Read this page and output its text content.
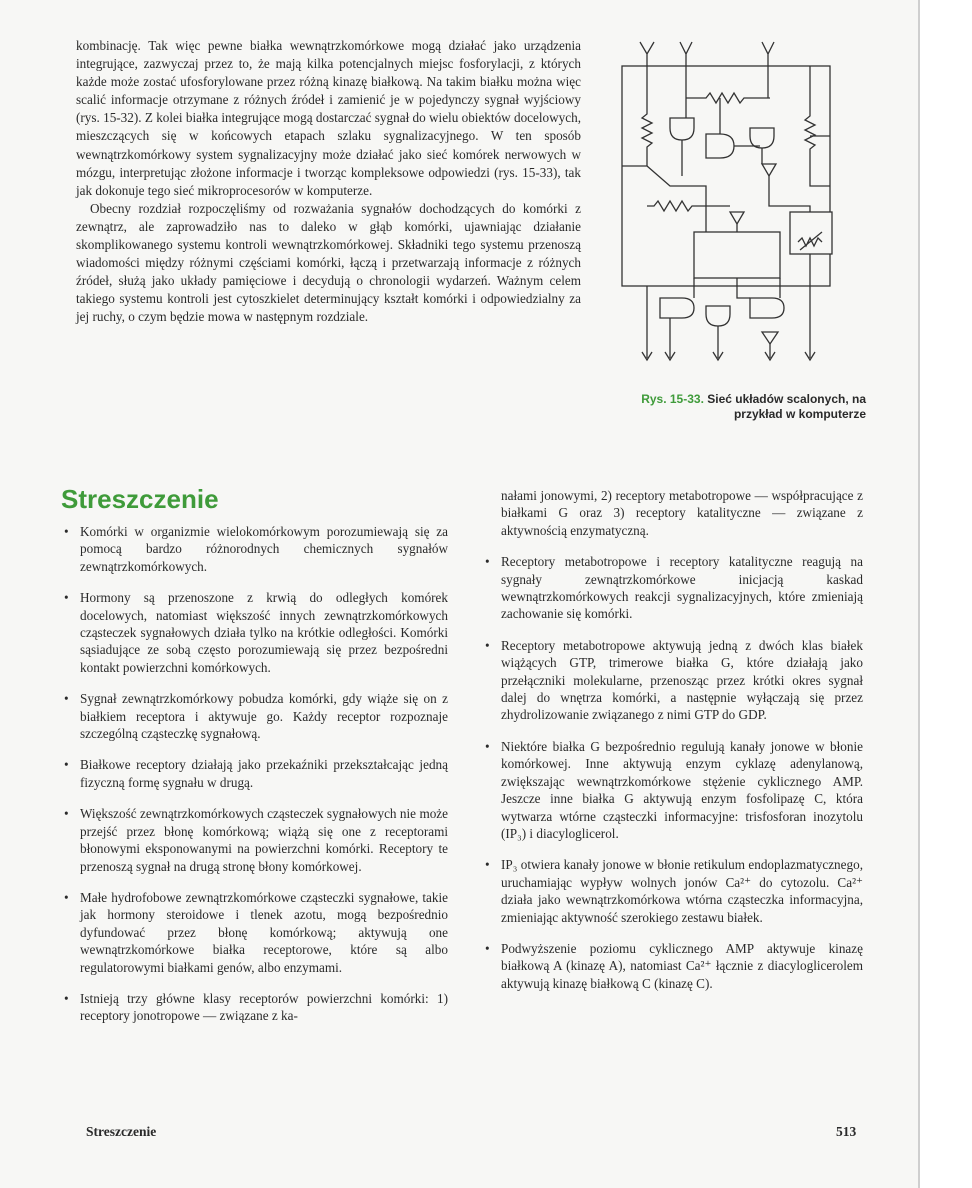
kombinację. Tak więc pewne białka wewnątrzkomórkowe mogą działać jako urządzenia integrujące, zazwyczaj przez to, że mają kilka potencjalnych miejsc fosforylacji, z których każde może zostać ufosforylowane przez różną kinazę białkową. Na takim białku można więc scalić informacje otrzymane z różnych źródeł i zamienić je w pojedynczy sygnał wyjściowy (rys. 15-32). Z kolei białka integrujące mogą dostarczać sygnał do wielu obiektów docelowych, mieszczących się w końcowych etapach szlaku sygnalizacyjnego. W ten sposób wewnątrzkomórkowy system sygnalizacyjny może działać jako sieć komórek nerwowych w mózgu, interpretując złożone informacje i tworząc kompleksowe odpowiedzi (rys. 15-33), tak jak dokonuje tego sieć mikroprocesorów w komputerze.

Obecny rozdział rozpoczęliśmy od rozważania sygnałów dochodzących do komórki z zewnątrz, ale zaprowadziło nas to daleko w głąb komórki, ujawniając działanie skomplikowanego systemu kontroli wewnątrzkomórkowej. Składniki tego systemu przenoszą wiadomości między różnymi częściami komórki, łączą i przetwarzają informacje z różnych źródeł, służą jako układy pamięciowe i decydują o chronologii wydarzeń. Ważnym celem takiego systemu kontroli jest cytoszkielet determinujący kształt komórki i odpowiedzialny za jej ruchy, o czym będzie mowa w następnym rozdziale.

Rys. 15-33. Sieć układów scalonych, na przykład w komputerze
Streszczenie
• Komórki w organizmie wielokomórkowym porozumiewają się za pomocą bardzo różnorodnych chemicznych sygnałów zewnątrzkomórkowych.
• Hormony są przenoszone z krwią do odległych komórek docelowych, natomiast większość innych zewnątrzkomórkowych cząsteczek sygnałowych działa tylko na krótkie odległości. Komórki sąsiadujące ze sobą często porozumiewają się przez bezpośredni kontakt powierzchni komórkowych.
• Sygnał zewnątrzkomórkowy pobudza komórki, gdy wiąże się on z białkiem receptora i aktywuje go. Każdy receptor rozpoznaje szczególną cząsteczkę sygnałową.
• Białkowe receptory działają jako przekaźniki przekształcając jedną fizyczną formę sygnału w drugą.
• Większość zewnątrzkomórkowych cząsteczek sygnałowych nie może przejść przez błonę komórkową; wiążą się one z receptorami błonowymi eksponowanymi na powierzchni komórki. Receptory te przenoszą sygnał na drugą stronę błony komórkowej.
• Małe hydrofobowe zewnątrzkomórkowe cząsteczki sygnałowe, takie jak hormony steroidowe i tlenek azotu, mogą bezpośrednio dyfundować przez błonę komórkową; aktywują one wewnątrzkomórkowe białka receptorowe, które są albo regulatorowymi białkami genów, albo enzymami.
• Istnieją trzy główne klasy receptorów powierzchni komórki: 1) receptory jonotropowe — związane z ka-
nałami jonowymi, 2) receptory metabotropowe — współpracujące z białkami G oraz 3) receptory katalityczne — związane z aktywnością enzymatyczną.
• Receptory metabotropowe i receptory katalityczne reagują na sygnały zewnątrzkomórkowe inicjacją kaskad wewnątrzkomórkowych reakcji sygnalizacyjnych, które zmieniają zachowanie się komórki.
• Receptory metabotropowe aktywują jedną z dwóch klas białek wiążących GTP, trimerowe białka G, które działają jako przełączniki molekularne, przenosząc przez krótki okres sygnał dalej do wnętrza komórki, a następnie wyłączają się przez zhydrolizowanie związanego z nimi GTP do GDP.
• Niektóre białka G bezpośrednio regulują kanały jonowe w błonie komórkowej. Inne aktywują enzym cyklazę adenylanową, zwiększając wewnątrzkomórkowe stężenie cyklicznego AMP. Jeszcze inne białka G aktywują enzym fosfolipazę C, która wytwarza wtórne cząsteczki informacyjne: trisfosforan inozytolu (IP₃) i diacyloglicerol.
• IP₃ otwiera kanały jonowe w błonie retikulum endoplazmatycznego, uruchamiając wypływ wolnych jonów Ca²⁺ do cytozolu. Ca²⁺ działa jako wewnątrzkomórkowa wtórna cząsteczka informacyjna, zmieniając aktywność szerokiego zestawu białek.
• Podwyższenie poziomu cyklicznego AMP aktywuje kinazę białkową A (kinazę A), natomiast Ca²⁺ łącznie z diacyloglicerolem aktywują kinazę białkową C (kinazę C).
Streszczenie	513
